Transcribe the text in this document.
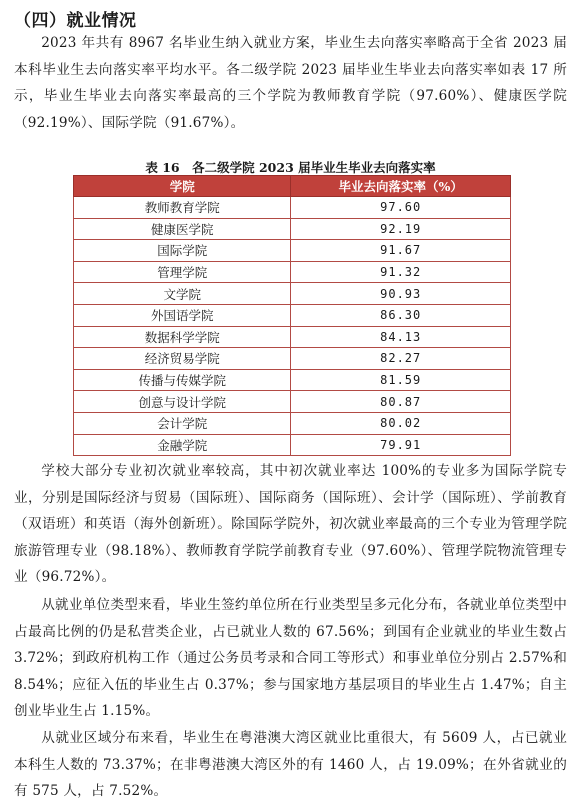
（四）就业情况

2023 年共有 8967 名毕业生纳入就业方案，毕业生去向落实率略高于全省 2023 届本科毕业生去向落实率平均水平。各二级学院 2023 届毕业生毕业去向落实率如表 17 所示，毕业生毕业去向落实率最高的三个学院为教师教育学院（97.60%）、健康医学院（92.19%）、国际学院（91.67%）。

表 16　各二级学院 2023 届毕业生毕业去向落实率
学院	毕业去向落实率（%）
教师教育学院	97.60
健康医学院	92.19
国际学院	91.67
管理学院	91.32
文学院	90.93
外国语学院	86.30
数据科学学院	84.13
经济贸易学院	82.27
传播与传媒学院	81.59
创意与设计学院	80.87
会计学院	80.02
金融学院	79.91

学校大部分专业初次就业率较高，其中初次就业率达 100%的专业多为国际学院专业，分别是国际经济与贸易（国际班）、国际商务（国际班）、会计学（国际班）、学前教育（双语班）和英语（海外创新班）。除国际学院外，初次就业率最高的三个专业为管理学院旅游管理专业（98.18%）、教师教育学院学前教育专业（97.60%）、管理学院物流管理专业（96.72%）。

从就业单位类型来看，毕业生签约单位所在行业类型呈多元化分布，各就业单位类型中占最高比例的仍是私营类企业，占已就业人数的 67.56%；到国有企业就业的毕业生数占 3.72%；到政府机构工作（通过公务员考录和合同工等形式）和事业单位分别占 2.57%和 8.54%；应征入伍的毕业生占 0.37%；参与国家地方基层项目的毕业生占 1.47%；自主创业毕业生占 1.15%。

从就业区域分布来看，毕业生在粤港澳大湾区就业比重很大，有 5609 人，占已就业本科生人数的 73.37%；在非粤港澳大湾区外的有 1460 人，占 19.09%；在外省就业的有 575 人，占 7.52%。
